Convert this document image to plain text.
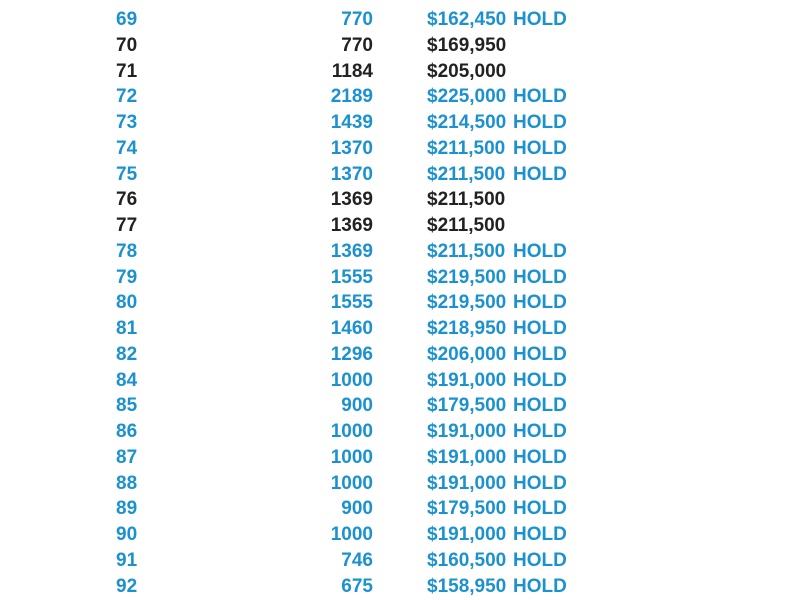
69	770	$162,450 HOLD
70	770	$169,950
71	1184	$205,000
72	2189	$225,000 HOLD
73	1439	$214,500 HOLD
74	1370	$211,500 HOLD
75	1370	$211,500 HOLD
76	1369	$211,500
77	1369	$211,500
78	1369	$211,500 HOLD
79	1555	$219,500 HOLD
80	1555	$219,500 HOLD
81	1460	$218,950 HOLD
82	1296	$206,000 HOLD
84	1000	$191,000 HOLD
85	900	$179,500 HOLD
86	1000	$191,000 HOLD
87	1000	$191,000 HOLD
88	1000	$191,000 HOLD
89	900	$179,500 HOLD
90	1000	$191,000 HOLD
91	746	$160,500 HOLD
92	675	$158,950 HOLD
